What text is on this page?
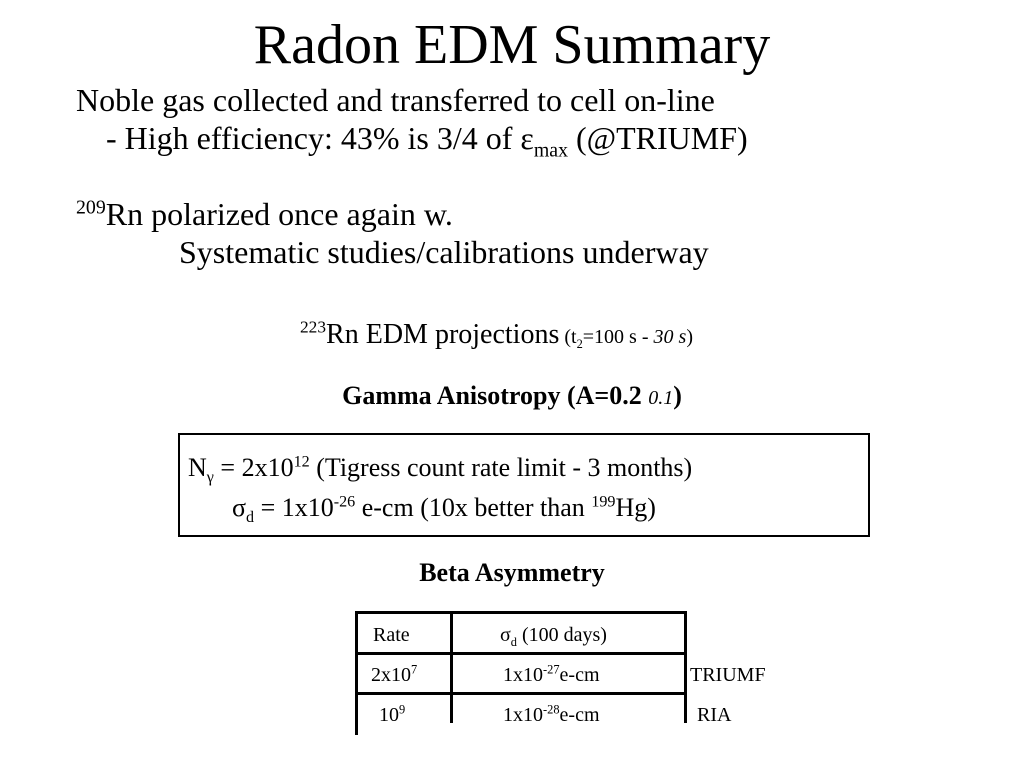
Radon EDM Summary
Noble gas collected and transferred to cell on-line
- High efficiency: 43% is 3/4 of $\varepsilon_{max}$ (@TRIUMF)
$^{209}$Rn polarized once again w.
Systematic studies/calibrations underway
$^{223}$Rn EDM projections ($t_2=100$ s - 30 s)
Gamma Anisotropy (A=0.2 0.1)
$N_\gamma = 2x10^{12}$ (Tigress count rate limit - 3 months)
$\sigma_d = 1x10^{-26}$ e-cm (10x better than $^{199}$Hg)
Beta Asymmetry
Rate	$\sigma_d$ (100 days)
$2x10^7$	$1x10^{-27}e-cm$	TRIUMF
$10^9$	$1x10^{-28}e-cm$	RIA
